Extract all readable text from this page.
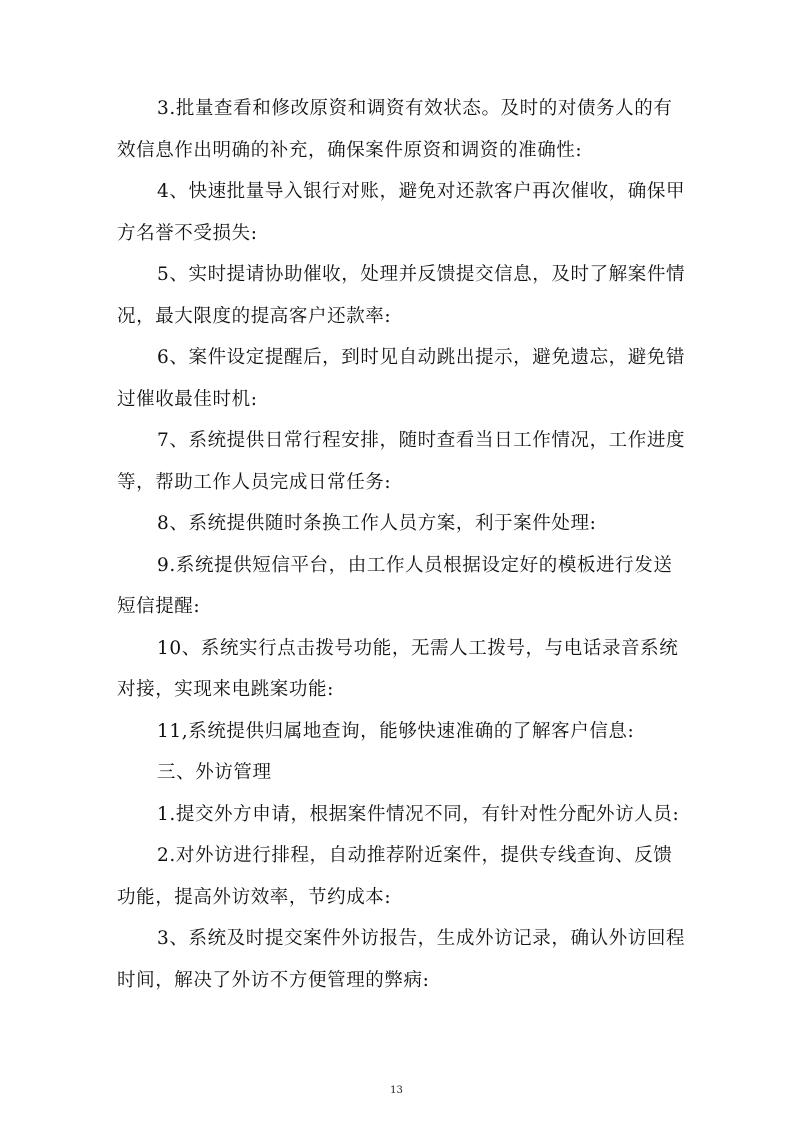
3.批量查看和修改原资和调资有效状态。及时的对债务人的有
效信息作出明确的补充，确保案件原资和调资的准确性:
4、快速批量导入银行对账，避免对还款客户再次催收，确保甲
方名誉不受损失:
5、实时提请协助催收，处理并反馈提交信息，及时了解案件情
况，最大限度的提高客户还款率:
6、案件设定提醒后，到时见自动跳出提示，避免遗忘，避免错
过催收最佳时机:
7、系统提供日常行程安排，随时查看当日工作情况，工作进度
等，帮助工作人员完成日常任务:
8、系统提供随时条换工作人员方案，利于案件处理:
9.系统提供短信平台，由工作人员根据设定好的模板进行发送
短信提醒:
10、系统实行点击拨号功能，无需人工拨号，与电话录音系统
对接，实现来电跳案功能:
11,系统提供归属地查询，能够快速准确的了解客户信息:
三、外访管理
1.提交外方申请，根据案件情况不同，有针对性分配外访人员:
2.对外访进行排程，自动推荐附近案件，提供专线查询、反馈
功能，提高外访效率，节约成本:
3、系统及时提交案件外访报告，生成外访记录，确认外访回程
时间，解决了外访不方便管理的弊病:
13
